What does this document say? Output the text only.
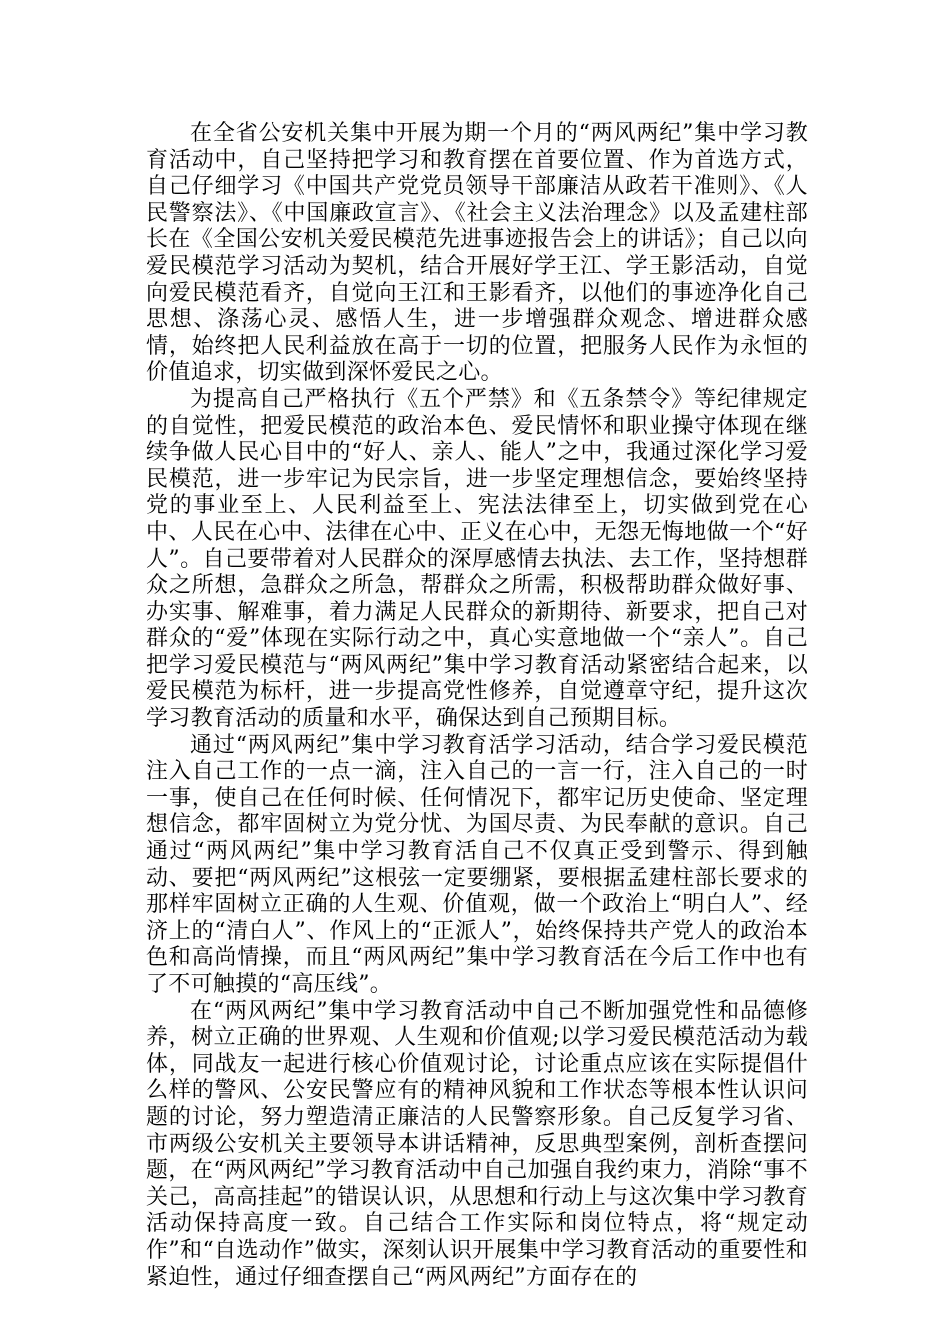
在全省公安机关集中开展为期一个月的“两风两纪”集中学习教育活动中，自己坚持把学习和教育摆在首要位置、作为首选方式，自己仔细学习《中国共产党党员领导干部廉洁从政若干准则》、《人民警察法》、《中国廉政宣言》、《社会主义法治理念》以及孟建柱部长在《全国公安机关爱民模范先进事迹报告会上的讲话》；自己以向爱民模范学习活动为契机，结合开展好学王江、学王影活动，自觉向爱民模范看齐，自觉向王江和王影看齐，以他们的事迹净化自己思想、涤荡心灵、感悟人生，进一步增强群众观念、增进群众感情，始终把人民利益放在高于一切的位置，把服务人民作为永恒的价值追求，切实做到深怀爱民之心。

为提高自己严格执行《五个严禁》和《五条禁令》等纪律规定的自觉性，把爱民模范的政治本色、爱民情怀和职业操守体现在继续争做人民心目中的“好人、亲人、能人”之中，我通过深化学习爱民模范，进一步牢记为民宗旨，进一步坚定理想信念，要始终坚持党的事业至上、人民利益至上、宪法法律至上，切实做到党在心中、人民在心中、法律在心中、正义在心中，无怨无悔地做一个“好人”。自己要带着对人民群众的深厚感情去执法、去工作，坚持想群众之所想，急群众之所急，帮群众之所需，积极帮助群众做好事、办实事、解难事，着力满足人民群众的新期待、新要求，把自己对群众的“爱”体现在实际行动之中，真心实意地做一个“亲人”。自己把学习爱民模范与“两风两纪”集中学习教育活动紧密结合起来，以爱民模范为标杆，进一步提高党性修养，自觉遵章守纪，提升这次学习教育活动的质量和水平，确保达到自己预期目标。

通过“两风两纪”集中学习教育活学习活动，结合学习爱民模范注入自己工作的一点一滴，注入自己的一言一行，注入自己的一时一事，使自己在任何时候、任何情况下，都牢记历史使命、坚定理想信念，都牢固树立为党分忧、为国尽责、为民奉献的意识。自己通过“两风两纪”集中学习教育活自己不仅真正受到警示、得到触动、要把“两风两纪”这根弦一定要绷紧，要根据孟建柱部长要求的那样牢固树立正确的人生观、价值观，做一个政治上“明白人”、经济上的“清白人”、作风上的“正派人”，始终保持共产党人的政治本色和高尚情操，而且“两风两纪”集中学习教育活在今后工作中也有了不可触摸的“高压线”。

在“两风两纪”集中学习教育活动中自己不断加强党性和品德修养，树立正确的世界观、人生观和价值观;以学习爱民模范活动为载体，同战友一起进行核心价值观讨论，讨论重点应该在实际提倡什么样的警风、公安民警应有的精神风貌和工作状态等根本性认识问题的讨论，努力塑造清正廉洁的人民警察形象。自己反复学习省、市两级公安机关主要领导本讲话精神，反思典型案例，剖析查摆问题，在“两风两纪”学习教育活动中自己加强自我约束力，消除“事不关己，高高挂起”的错误认识，从思想和行动上与这次集中学习教育活动保持高度一致。自己结合工作实际和岗位特点，将“规定动作”和“自选动作”做实，深刻认识开展集中学习教育活动的重要性和紧迫性，通过仔细查摆自己“两风两纪”方面存在的
